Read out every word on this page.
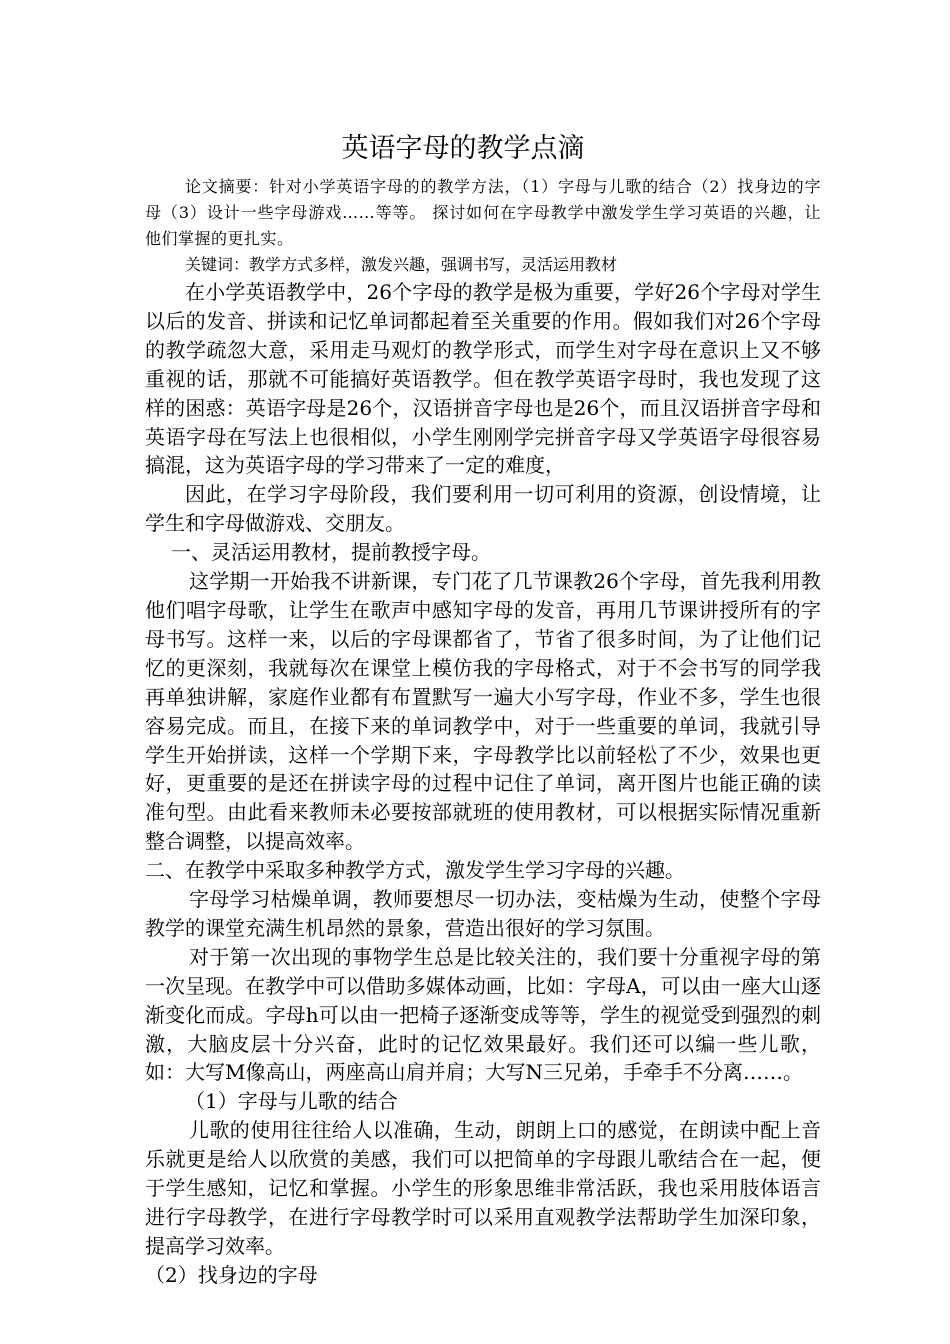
英语字母的教学点滴

论文摘要：针对小学英语字母的的教学方法，（1）字母与儿歌的结合（2）找身边的字母（3）设计一些字母游戏……等等。 探讨如何在字母教学中激发学生学习英语的兴趣，让他们掌握的更扎实。

关键词：教学方式多样，激发兴趣，强调书写，灵活运用教材

在小学英语教学中，26个字母的教学是极为重要，学好26个字母对学生以后的发音、拼读和记忆单词都起着至关重要的作用。假如我们对26个字母的教学疏忽大意，采用走马观灯的教学形式，而学生对字母在意识上又不够重视的话，那就不可能搞好英语教学。但在教学英语字母时，我也发现了这样的困惑：英语字母是26个，汉语拼音字母也是26个，而且汉语拼音字母和英语字母在写法上也很相似，小学生刚刚学完拼音字母又学英语字母很容易搞混，这为英语字母的学习带来了一定的难度，

因此，在学习字母阶段，我们要利用一切可利用的资源，创设情境，让学生和字母做游戏、交朋友。

一、灵活运用教材，提前教授字母。

这学期一开始我不讲新课，专门花了几节课教26个字母，首先我利用教他们唱字母歌，让学生在歌声中感知字母的发音，再用几节课讲授所有的字母书写。这样一来，以后的字母课都省了，节省了很多时间，为了让他们记忆的更深刻，我就每次在课堂上模仿我的字母格式，对于不会书写的同学我再单独讲解，家庭作业都有布置默写一遍大小写字母，作业不多，学生也很容易完成。而且，在接下来的单词教学中，对于一些重要的单词，我就引导学生开始拼读，这样一个学期下来，字母教学比以前轻松了不少，效果也更好，更重要的是还在拼读字母的过程中记住了单词，离开图片也能正确的读准句型。由此看来教师未必要按部就班的使用教材，可以根据实际情况重新整合调整，以提高效率。

二、在教学中采取多种教学方式，激发学生学习字母的兴趣。

字母学习枯燥单调，教师要想尽一切办法，变枯燥为生动，使整个字母教学的课堂充满生机昂然的景象，营造出很好的学习氛围。

对于第一次出现的事物学生总是比较关注的，我们要十分重视字母的第一次呈现。在教学中可以借助多媒体动画，比如：字母A，可以由一座大山逐渐变化而成。字母h可以由一把椅子逐渐变成等等，学生的视觉受到强烈的刺激，大脑皮层十分兴奋，此时的记忆效果最好。我们还可以编一些儿歌，如：大写M像高山，两座高山肩并肩；大写N三兄弟，手牵手不分离……。

（1）字母与儿歌的结合

儿歌的使用往往给人以准确，生动，朗朗上口的感觉，在朗读中配上音乐就更是给人以欣赏的美感，我们可以把简单的字母跟儿歌结合在一起，便于学生感知，记忆和掌握。小学生的形象思维非常活跃，我也采用肢体语言进行字母教学，在进行字母教学时可以采用直观教学法帮助学生加深印象，提高学习效率。

（2）找身边的字母
